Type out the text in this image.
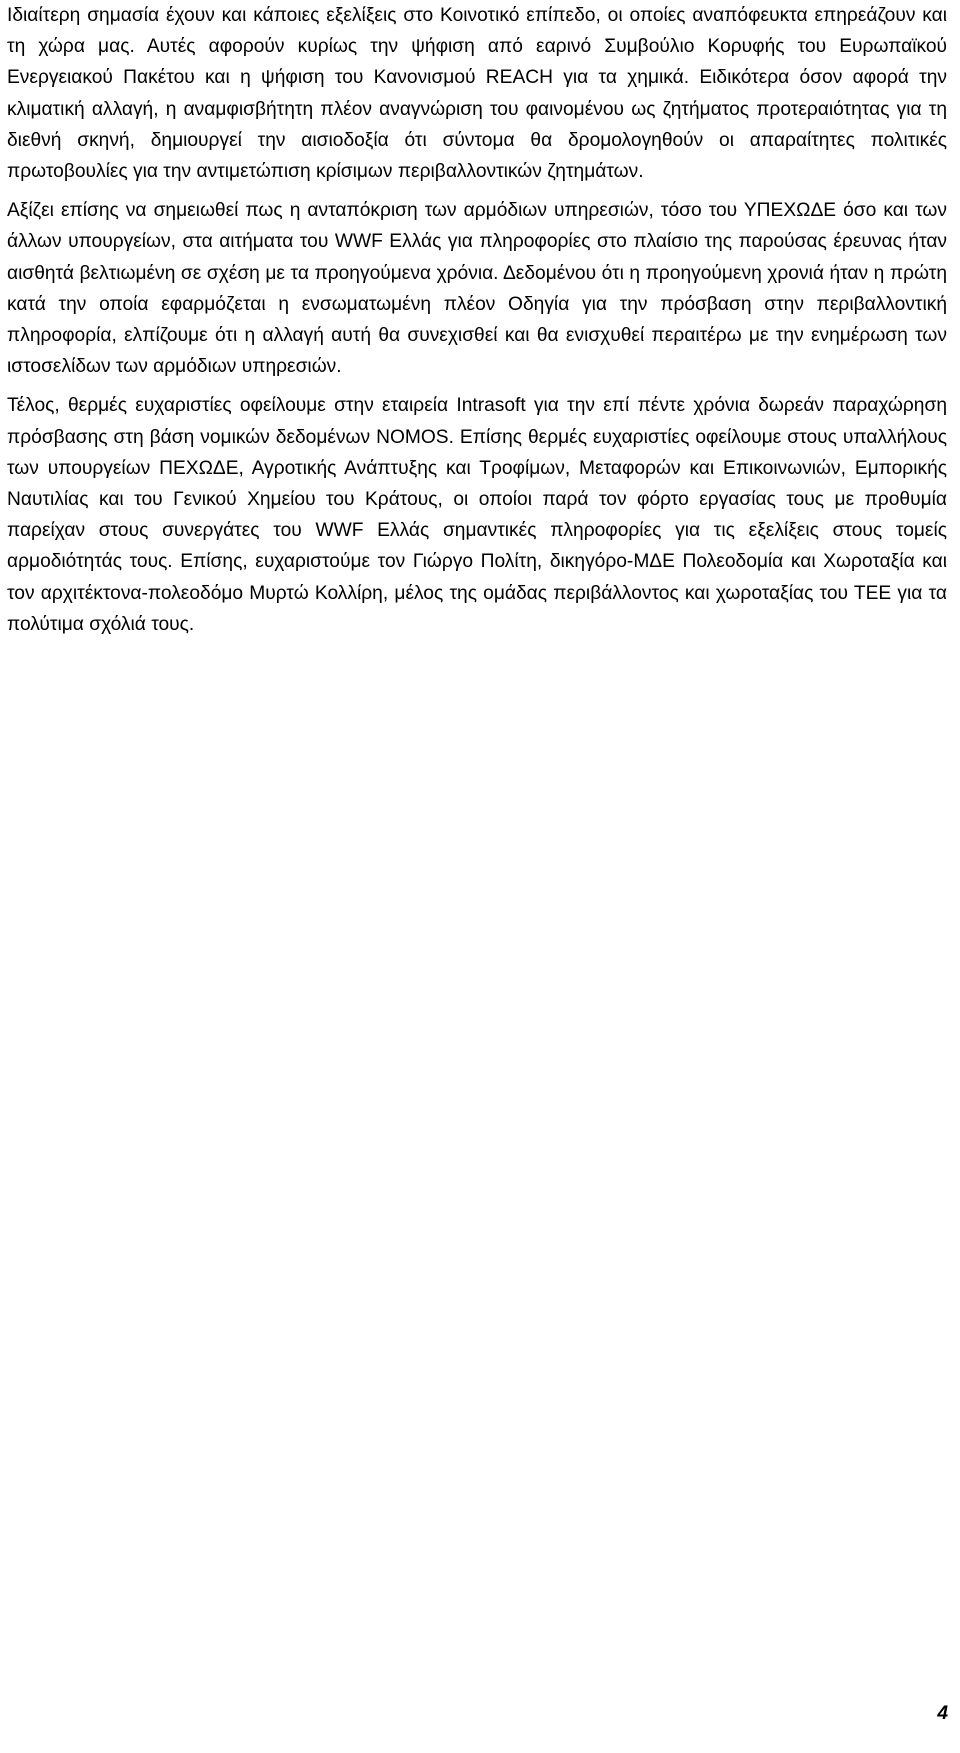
Ιδιαίτερη σημασία έχουν και κάποιες εξελίξεις στο Κοινοτικό επίπεδο, οι οποίες αναπόφευκτα επηρεάζουν και τη χώρα μας. Αυτές αφορούν κυρίως την ψήφιση από εαρινό Συμβούλιο Κορυφής του Ευρωπαϊκού Ενεργειακού Πακέτου και η ψήφιση του Κανονισμού REACH για τα χημικά. Ειδικότερα όσον αφορά την κλιματική αλλαγή, η αναμφισβήτητη πλέον αναγνώριση του φαινομένου ως ζητήματος προτεραιότητας για τη διεθνή σκηνή, δημιουργεί την αισιοδοξία ότι σύντομα θα δρομολογηθούν οι απαραίτητες πολιτικές πρωτοβουλίες για την αντιμετώπιση κρίσιμων περιβαλλοντικών ζητημάτων.

Αξίζει επίσης να σημειωθεί πως η ανταπόκριση των αρμόδιων υπηρεσιών, τόσο του ΥΠΕΧΩΔΕ όσο και των άλλων υπουργείων, στα αιτήματα του WWF Ελλάς για πληροφορίες στο πλαίσιο της παρούσας έρευνας ήταν αισθητά βελτιωμένη σε σχέση με τα προηγούμενα χρόνια. Δεδομένου ότι η προηγούμενη χρονιά ήταν η πρώτη κατά την οποία εφαρμόζεται η ενσωματωμένη πλέον Οδηγία για την πρόσβαση στην περιβαλλοντική πληροφορία, ελπίζουμε ότι η αλλαγή αυτή θα συνεχισθεί και θα ενισχυθεί περαιτέρω με την ενημέρωση των ιστοσελίδων των αρμόδιων υπηρεσιών.

Τέλος, θερμές ευχαριστίες οφείλουμε στην εταιρεία Intrasoft για την επί πέντε χρόνια δωρεάν παραχώρηση πρόσβασης στη βάση νομικών δεδομένων NOMOS. Επίσης θερμές ευχαριστίες οφείλουμε στους υπαλλήλους των υπουργείων ΠΕΧΩΔΕ, Αγροτικής Ανάπτυξης και Τροφίμων, Μεταφορών και Επικοινωνιών, Εμπορικής Ναυτιλίας και του Γενικού Χημείου του Κράτους, οι οποίοι παρά τον φόρτο εργασίας τους με προθυμία παρείχαν στους συνεργάτες του WWF Ελλάς σημαντικές πληροφορίες για τις εξελίξεις στους τομείς αρμοδιότητάς τους. Επίσης, ευχαριστούμε τον Γιώργο Πολίτη, δικηγόρο-ΜΔΕ Πολεοδομία και Χωροταξία και τον αρχιτέκτονα-πολεοδόμο Μυρτώ Κολλίρη, μέλος της ομάδας περιβάλλοντος και χωροταξίας του ΤΕΕ για τα πολύτιμα σχόλιά τους.

4
